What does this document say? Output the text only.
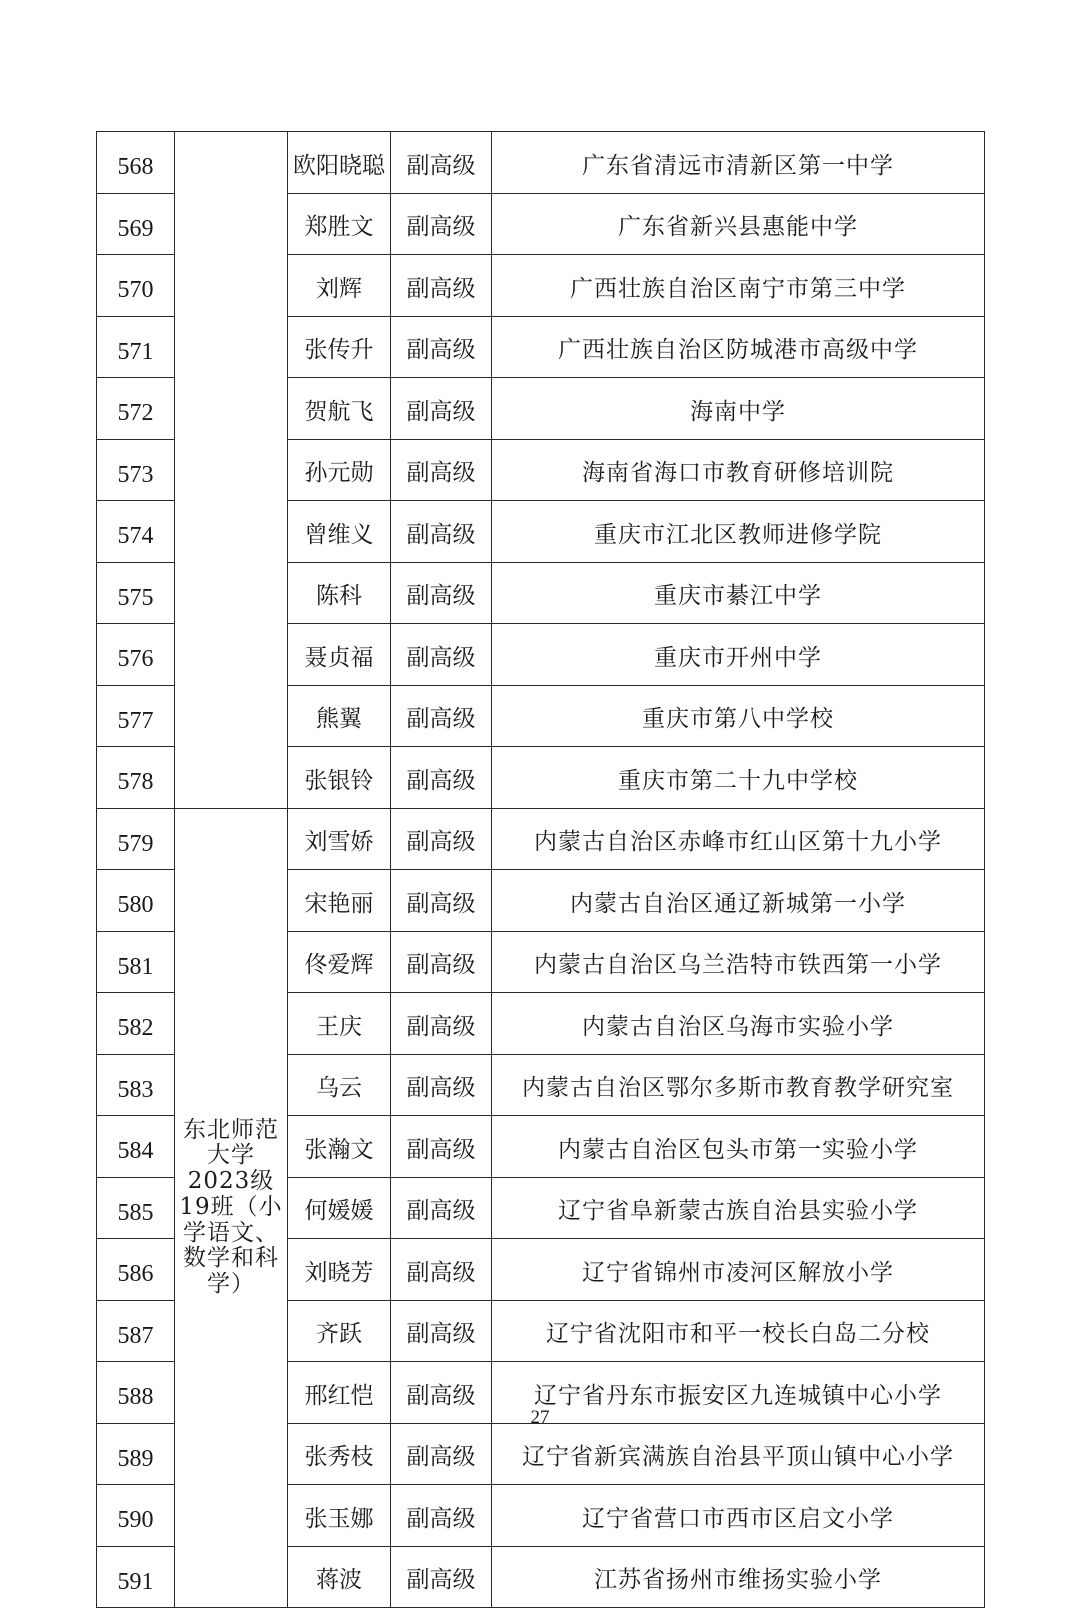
568		欧阳晓聪	副高级	广东省清远市清新区第一中学
569		郑胜文	副高级	广东省新兴县惠能中学
570		刘辉	副高级	广西壮族自治区南宁市第三中学
571		张传升	副高级	广西壮族自治区防城港市高级中学
572		贺航飞	副高级	海南中学
573		孙元勋	副高级	海南省海口市教育研修培训院
574		曾维义	副高级	重庆市江北区教师进修学院
575		陈科	副高级	重庆市綦江中学
576		聂贞福	副高级	重庆市开州中学
577		熊翼	副高级	重庆市第八中学校
578		张银铃	副高级	重庆市第二十九中学校
579	东北师范大学2023级19班（小学语文、数学和科学）	刘雪娇	副高级	内蒙古自治区赤峰市红山区第十九小学
580		宋艳丽	副高级	内蒙古自治区通辽新城第一小学
581		佟爱辉	副高级	内蒙古自治区乌兰浩特市铁西第一小学
582		王庆	副高级	内蒙古自治区乌海市实验小学
583		乌云	副高级	内蒙古自治区鄂尔多斯市教育教学研究室
584		张瀚文	副高级	内蒙古自治区包头市第一实验小学
585		何媛媛	副高级	辽宁省阜新蒙古族自治县实验小学
586		刘晓芳	副高级	辽宁省锦州市凌河区解放小学
587		齐跃	副高级	辽宁省沈阳市和平一校长白岛二分校
588		邢红恺	副高级	辽宁省丹东市振安区九连城镇中心小学
589		张秀枝	副高级	辽宁省新宾满族自治县平顶山镇中心小学
590		张玉娜	副高级	辽宁省营口市西市区启文小学
591		蒋波	副高级	江苏省扬州市维扬实验小学
27
